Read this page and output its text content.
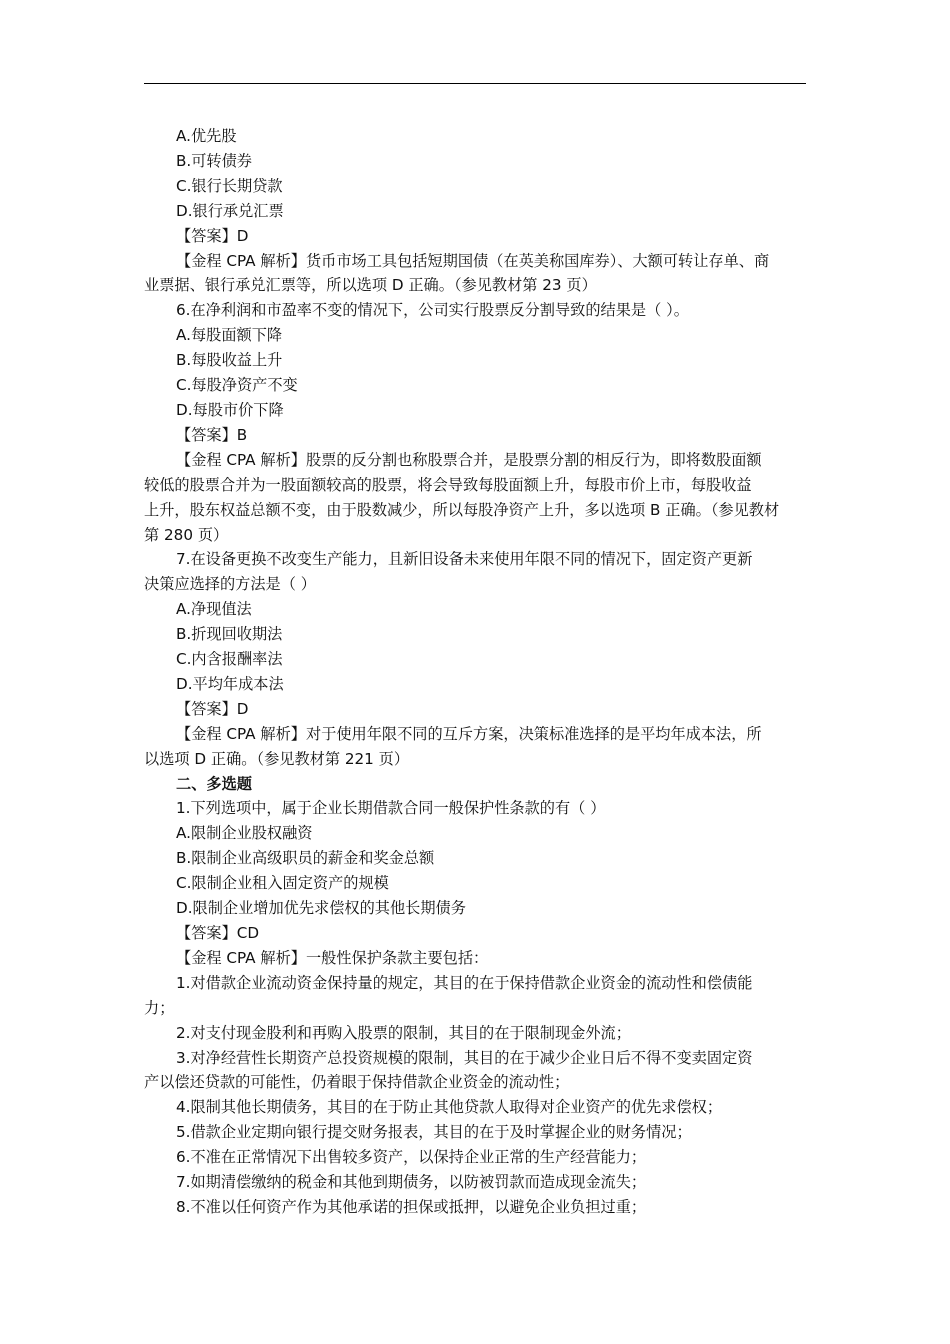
A.优先股
B.可转债券
C.银行长期贷款
D.银行承兑汇票
【答案】D
【金程 CPA 解析】货币市场工具包括短期国债（在英美称国库券）、大额可转让存单、商
业票据、银行承兑汇票等，所以选项 D 正确。（参见教材第 23 页）
6.在净利润和市盈率不变的情况下，公司实行股票反分割导致的结果是（ ）。
A.每股面额下降
B.每股收益上升
C.每股净资产不变
D.每股市价下降
【答案】B
【金程 CPA 解析】股票的反分割也称股票合并，是股票分割的相反行为，即将数股面额
较低的股票合并为一股面额较高的股票，将会导致每股面额上升，每股市价上市，每股收益
上升，股东权益总额不变，由于股数减少，所以每股净资产上升，多以选项 B 正确。（参见教材
第 280 页）
7.在设备更换不改变生产能力，且新旧设备未来使用年限不同的情况下，固定资产更新
决策应选择的方法是（ ）
A.净现值法
B.折现回收期法
C.内含报酬率法
D.平均年成本法
【答案】D
【金程 CPA 解析】对于使用年限不同的互斥方案，决策标准选择的是平均年成本法，所
以选项 D 正确。（参见教材第 221 页）
二、多选题
1.下列选项中，属于企业长期借款合同一般保护性条款的有（ ）
A.限制企业股权融资
B.限制企业高级职员的薪金和奖金总额
C.限制企业租入固定资产的规模
D.限制企业增加优先求偿权的其他长期债务
【答案】CD
【金程 CPA 解析】一般性保护条款主要包括：
1.对借款企业流动资金保持量的规定，其目的在于保持借款企业资金的流动性和偿债能
力；
2.对支付现金股利和再购入股票的限制，其目的在于限制现金外流；
3.对净经营性长期资产总投资规模的限制，其目的在于减少企业日后不得不变卖固定资
产以偿还贷款的可能性，仍着眼于保持借款企业资金的流动性；
4.限制其他长期债务，其目的在于防止其他贷款人取得对企业资产的优先求偿权；
5.借款企业定期向银行提交财务报表，其目的在于及时掌握企业的财务情况；
6.不准在正常情况下出售较多资产，以保持企业正常的生产经营能力；
7.如期清偿缴纳的税金和其他到期债务，以防被罚款而造成现金流失；
8.不准以任何资产作为其他承诺的担保或抵押，以避免企业负担过重；
